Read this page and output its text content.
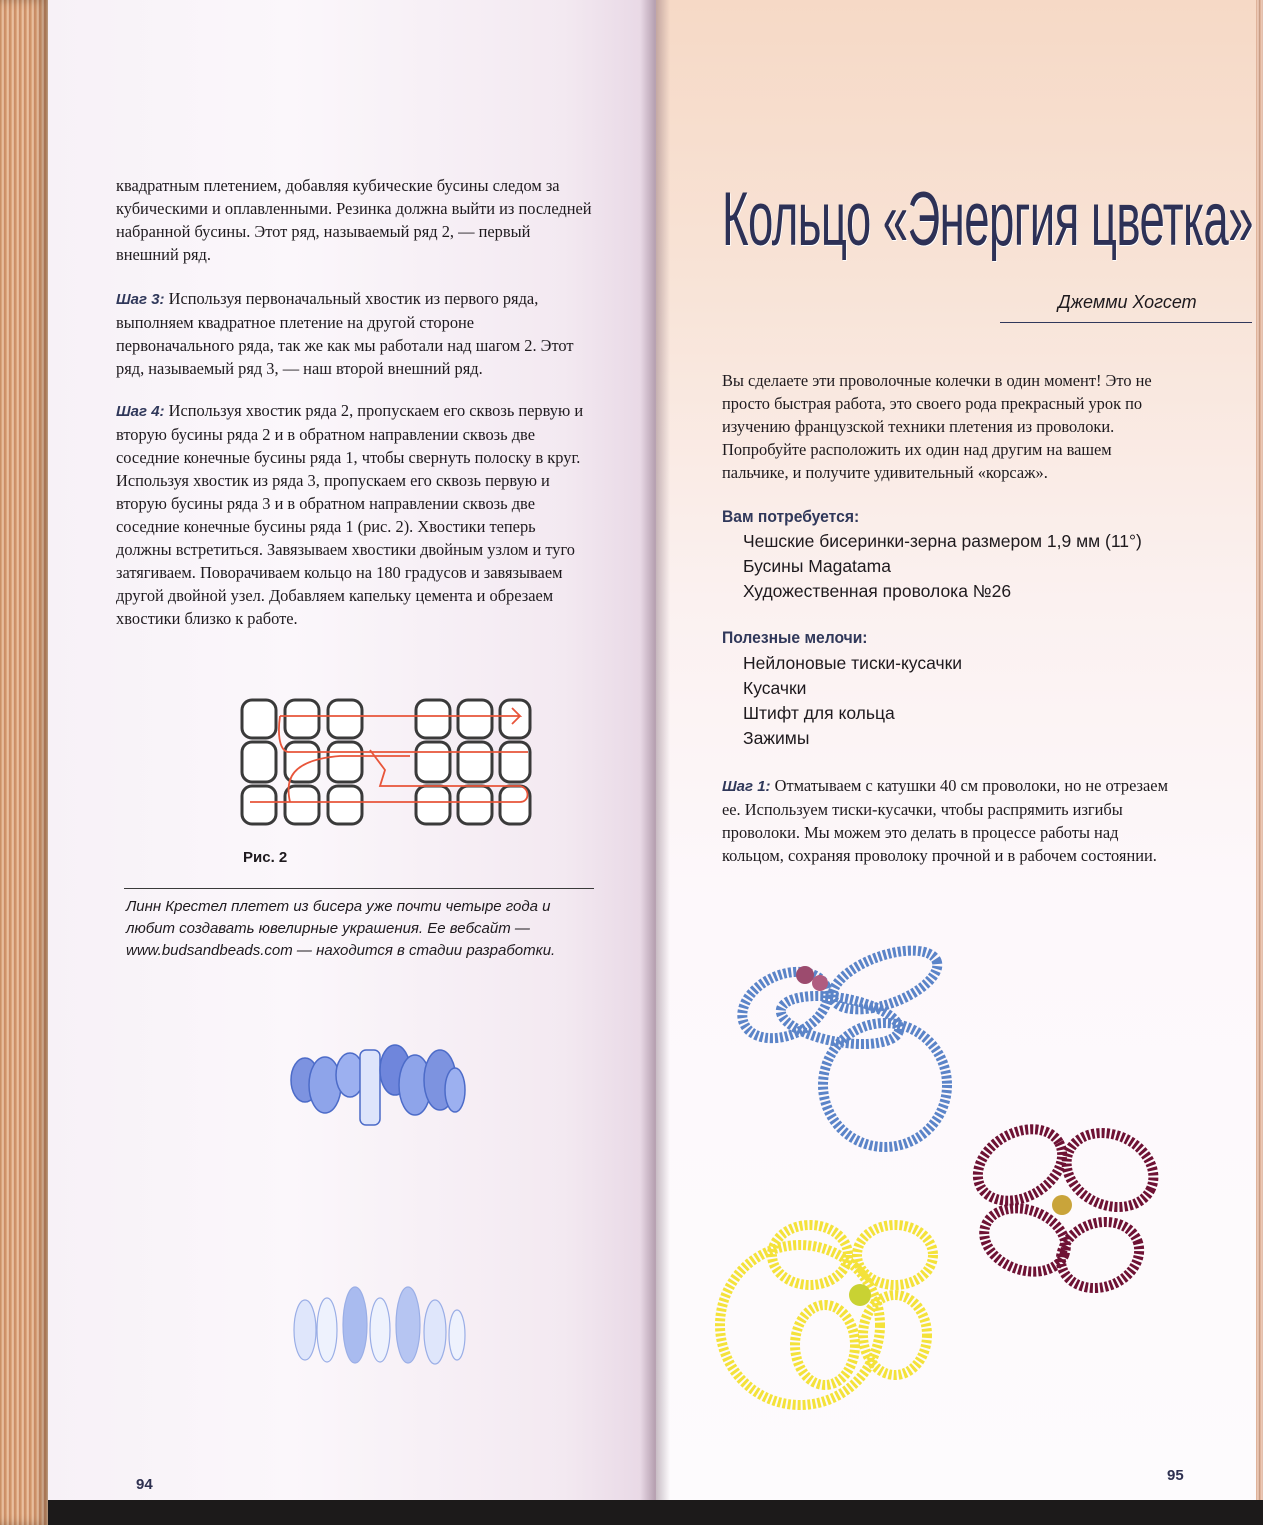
квадратным плетением, добавляя кубические бусины следом за кубическими и оплавленными. Резинка должна выйти из последней набранной бусины. Этот ряд, называемый ряд 2, — первый внешний ряд.

Шаг 3: Используя первоначальный хвостик из первого ряда, выполняем квадратное плетение на другой стороне первоначального ряда, так же как мы работали над шагом 2. Этот ряд, называемый ряд 3, — наш второй внешний ряд.

Шаг 4: Используя хвостик ряда 2, пропускаем его сквозь первую и вторую бусины ряда 2 и в обратном направлении сквозь две соседние конечные бусины ряда 1, чтобы свернуть полоску в круг. Используя хвостик из ряда 3, пропускаем его сквозь первую и вторую бусины ряда 3 и в обратном направлении сквозь две соседние конечные бусины ряда 1 (рис. 2). Хвостики теперь должны встретиться. Завязываем хвостики двойным узлом и туго затягиваем. Поворачиваем кольцо на 180 градусов и завязываем другой двойной узел. Добавляем капельку цемента и обрезаем хвостики близко к работе.

Рис. 2
Линн Крестел плетет из бисера уже почти четыре года и любит создавать ювелирные украшения. Ее вебсайт — www.budsandbeads.com — находится в стадии разработки.
94
Кольцо «Энергия цветка»
Джемми Хогсет
Вы сделаете эти проволочные колечки в один момент! Это не просто быстрая работа, это своего рода прекрасный урок по изучению французской техники плетения из проволоки. Попробуйте расположить их один над другим на вашем пальчике, и получите удивительный «корсаж».
Вам потребуется:
Чешские бисеринки-зерна размером 1,9 мм (11°)
Бусины Magatama
Художественная проволока №26
Полезные мелочи:
Нейлоновые тиски-кусачки
Кусачки
Штифт для кольца
Зажимы

Шаг 1: Отматываем с катушки 40 см проволоки, но не отрезаем ее. Используем тиски-кусачки, чтобы распрямить изгибы проволоки. Мы можем это делать в процессе работы над кольцом, сохраняя проволоку прочной и в рабочем состоянии.

95
